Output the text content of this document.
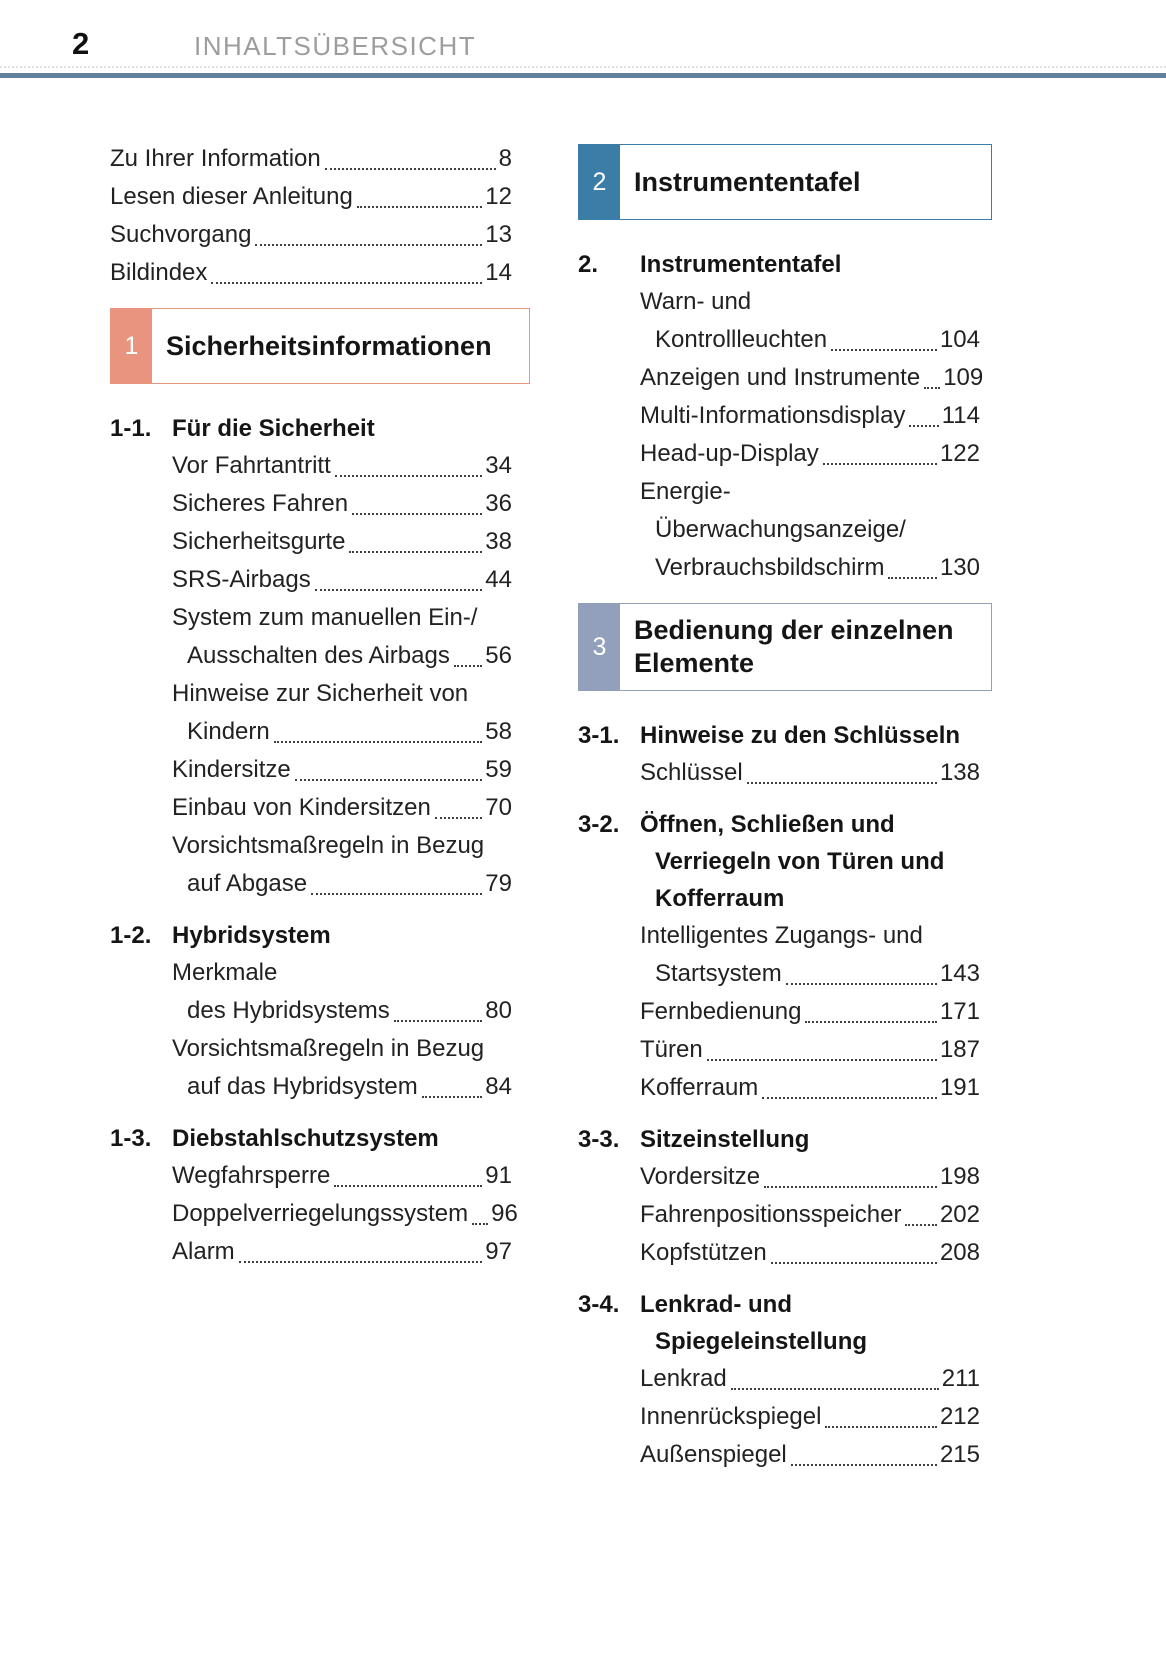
2	INHALTSÜBERSICHT
Zu Ihrer Information	8
Lesen dieser Anleitung	12
Suchvorgang	13
Bildindex	14
1	Sicherheitsinformationen
1-1. Für die Sicherheit
Vor Fahrtantritt	34
Sicheres Fahren	36
Sicherheitsgurte	38
SRS-Airbags	44
System zum manuellen Ein-/
Ausschalten des Airbags 56
Hinweise zur Sicherheit von
Kindern	58
Kindersitze	59
Einbau von Kindersitzen 70
Vorsichtsmaßregeln in Bezug
auf Abgase	79
1-2. Hybridsystem
Merkmale
des Hybridsystems	80
Vorsichtsmaßregeln in Bezug
auf das Hybridsystem	84
1-3. Diebstahlschutzsystem
Wegfahrsperre	91
Doppelverriegelungssystem 96
Alarm	97
2	Instrumententafel
2.	Instrumententafel
Warn- und
Kontrollleuchten	104
Anzeigen und Instrumente 109
Multi-Informationsdisplay 114
Head-up-Display	122
Energie-
Überwachungsanzeige/
Verbrauchsbildschirm 130
3
Bedienung der einzelnen
Elemente
3-1. Hinweise zu den Schlüsseln
Schlüssel	138
3-2. Öffnen, Schließen und
Verriegeln von Türen und
Kofferraum
Intelligentes Zugangs- und
Startsystem	143
Fernbedienung	171
Türen	187
Kofferraum	191
3-3. Sitzeinstellung
Vordersitze	198
Fahrenpositionsspeicher 202
Kopfstützen	208
3-4. Lenkrad- und
Spiegeleinstellung
Lenkrad	211
Innenrückspiegel	212
Außenspiegel	215
